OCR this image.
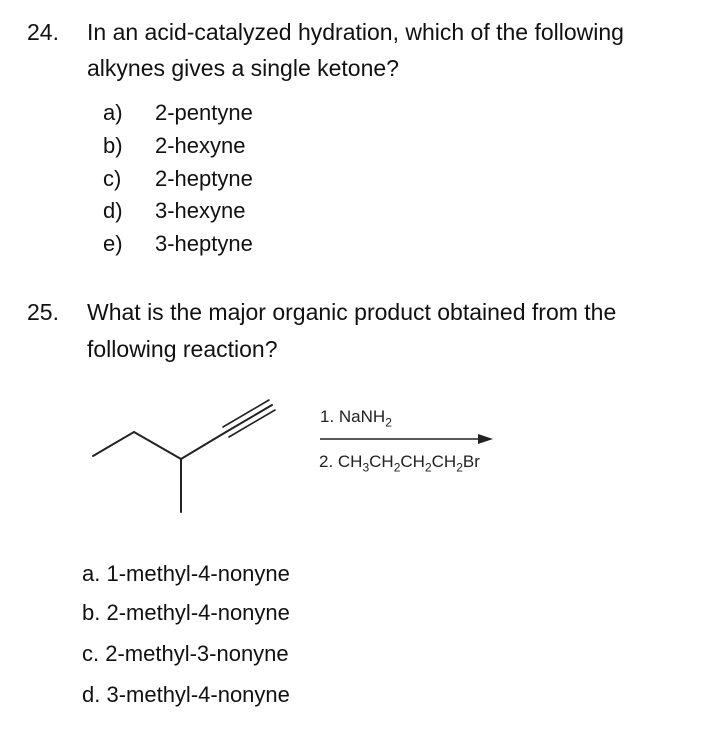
24. In an acid-catalyzed hydration, which of the following
alkynes gives a single ketone?
a) 2-pentyne
b) 2-hexyne
c) 2-heptyne
d) 3-hexyne
e) 3-heptyne
25. What is the major organic product obtained from the
following reaction?
1. NaNH$_2$
2. $CH_3CH_2CH_2CH_2Br$
a. 1-methyl-4-nonyne
b. 2-methyl-4-nonyne
c. 2-methyl-3-nonyne
d. 3-methyl-4-nonyne
